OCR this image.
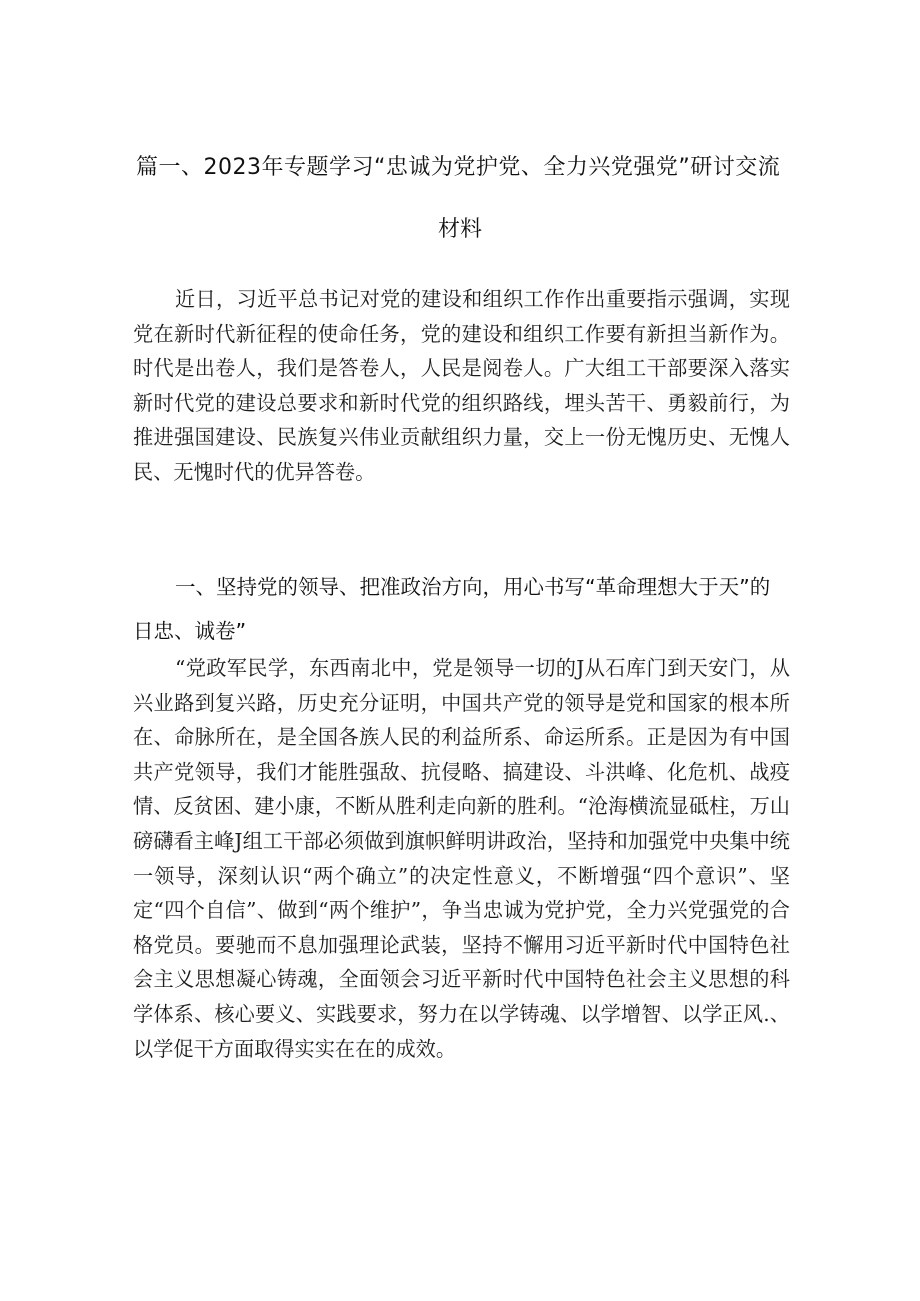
篇一、2023年专题学习“忠诚为党护党、全力兴党强党”研讨交流
材料

近日，习近平总书记对党的建设和组织工作作出重要指示强调，实现党在新时代新征程的使命任务，党的建设和组织工作要有新担当新作为。时代是出卷人，我们是答卷人，人民是阅卷人。广大组工干部要深入落实新时代党的建设总要求和新时代党的组织路线，埋头苦干、勇毅前行，为推进强国建设、民族复兴伟业贡献组织力量，交上一份无愧历史、无愧人民、无愧时代的优异答卷。

一、坚持党的领导、把准政治方向，用心书写“革命理想大于天”的日忠、诚卷”

“党政军民学，东西南北中，党是领导一切的J从石库门到天安门，从兴业路到复兴路，历史充分证明，中国共产党的领导是党和国家的根本所在、命脉所在，是全国各族人民的利益所系、命运所系。正是因为有中国共产党领导，我们才能胜强敌、抗侵略、搞建设、斗洪峰、化危机、战疫情、反贫困、建小康，不断从胜利走向新的胜利。“沧海横流显砥柱，万山磅礴看主峰J组工干部必须做到旗帜鲜明讲政治，坚持和加强党中央集中统一领导，深刻认识“两个确立”的决定性意义，不断增强“四个意识”、坚定“四个自信”、做到“两个维护”，争当忠诚为党护党，全力兴党强党的合格党员。要驰而不息加强理论武装，坚持不懈用习近平新时代中国特色社会主义思想凝心铸魂，全面领会习近平新时代中国特色社会主义思想的科学体系、核心要义、实践要求，努力在以学铸魂、以学增智、以学正风.、以学促干方面取得实实在在的成效。
